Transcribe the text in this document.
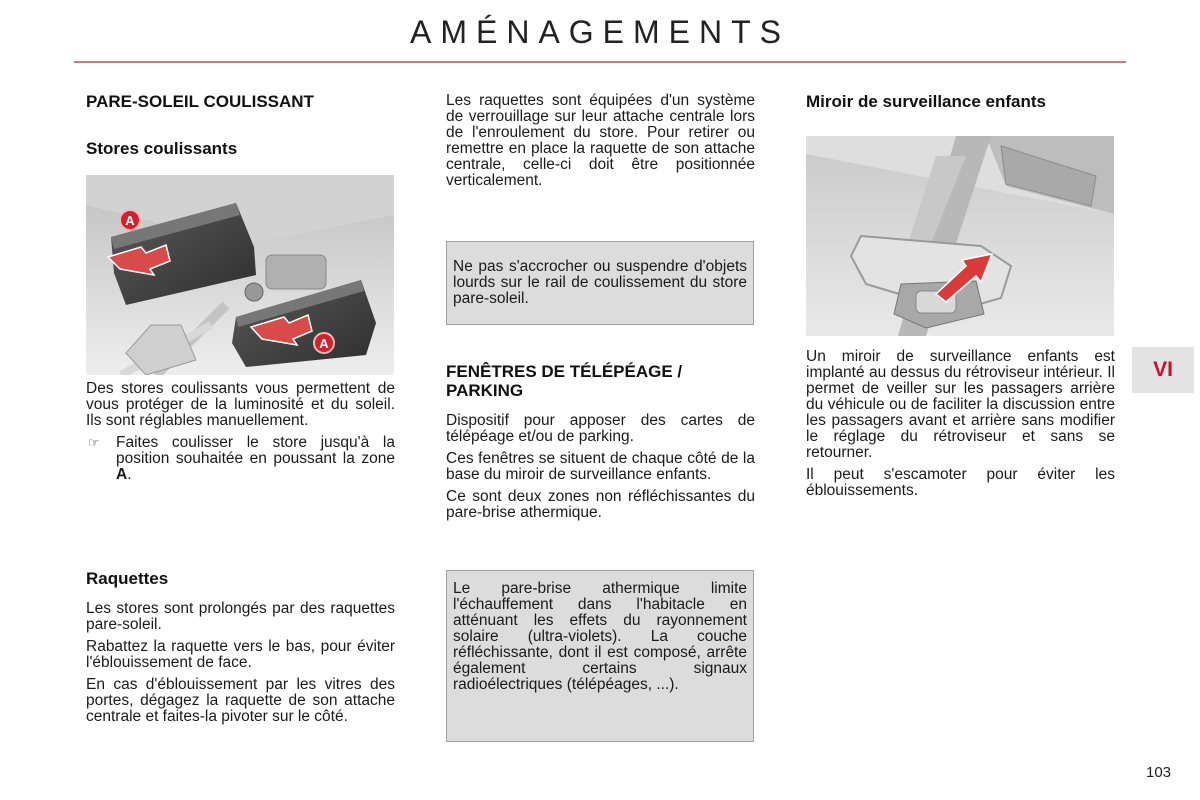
AMÉNAGEMENTS
PARE-SOLEIL COULISSANT
Stores coulissants
A
A

Des stores coulissants vous permettent de vous protéger de la luminosité et du soleil. Ils sont réglables manuellement.

☞	Faites coulisser le store jusqu'à la position souhaitée en poussant la zone A.
Raquettes

Les stores sont prolongés par des raquettes pare-soleil.

Rabattez la raquette vers le bas, pour éviter l'éblouissement de face.

En cas d'éblouissement par les vitres des portes, dégagez la raquette de son attache centrale et faites-la pivoter sur le côté.

Les raquettes sont équipées d'un système de verrouillage sur leur attache centrale lors de l'enroulement du store. Pour retirer ou remettre en place la raquette de son attache centrale, celle-ci doit être positionnée verticalement.

Ne pas s'accrocher ou suspendre d'objets lourds sur le rail de coulissement du store pare-soleil.
FENÊTRES DE TÉLÉPÉAGE / PARKING

Dispositif pour apposer des cartes de télépéage et/ou de parking.

Ces fenêtres se situent de chaque côté de la base du miroir de surveillance enfants.

Ce sont deux zones non réfléchissantes du pare-brise athermique.

Le pare-brise athermique limite l'échauffement dans l'habitacle en atténuant les effets du rayonnement solaire (ultra-violets). La couche réfléchissante, dont il est composé, arrête également certains signaux radioélectriques (télépéages, ...).
Miroir de surveillance enfants

Un miroir de surveillance enfants est implanté au dessus du rétroviseur intérieur. Il permet de veiller sur les passagers arrière du véhicule ou de faciliter la discussion entre les passagers avant et arrière sans modifier le réglage du rétroviseur et sans se retourner.

Il peut s'escamoter pour éviter les éblouissements.

VI
103
